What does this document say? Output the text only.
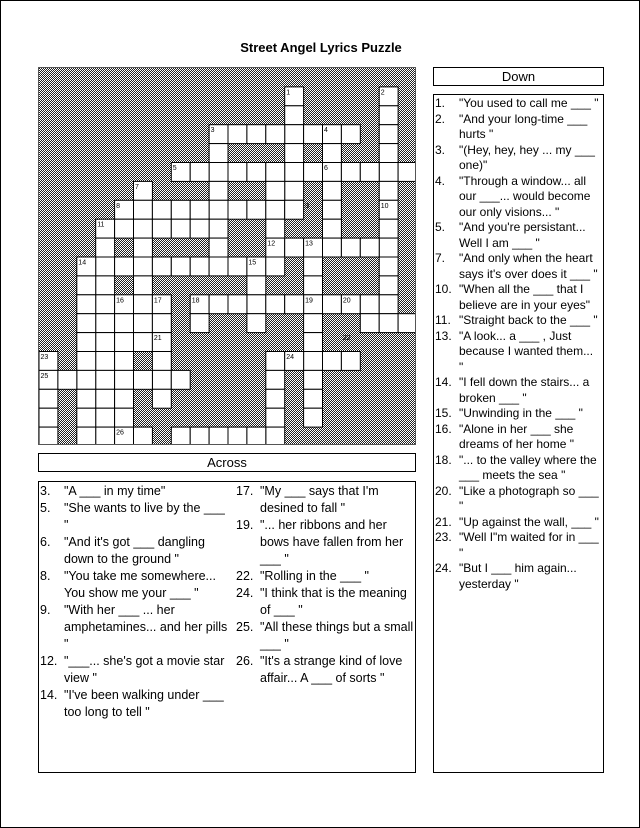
Street Angel Lyrics Puzzle
1	2
3	4
5	6
7
8	9	10
11
12	13
14	15
16	17	18	19	20
21	22
23	24
25
26
Across
3.	"A ___ in my time"
5.	"She wants to live by the ___ "
6.	"And it's got ___ dangling down to the ground "
8.	"You take me somewhere... You show me your ___ "
9.	"With her ___ ... her amphetamines... and her pills "
12. "___... she's got a movie star view "
14. "I've been walking under ___ too long to tell "
17. "My ___ says that I'm desined to fall "
19. "... her ribbons and her bows have fallen from her ___ "
22. "Rolling in the ___ "
24. "I think that is the meaning of ___ "
25. "All these things but a small ___ "
26. "It's a strange kind of love affair... A ___ of sorts "
Down
1.	"You used to call me ___ "
2.	"And your long-time ___ hurts "
3.	"(Hey, hey, hey ... my ___ one)"
4.	"Through a window... all our ___... would become our only visions... "
5.	"And you're persistant... Well I am ___ "
7.	"And only when the heart says it's over does it ___ "
10. "When all the ___ that I believe are in your eyes"
11. "Straight back to the ___ "
13. "A look... a ___ , Just because I wanted them... "
14. "I fell down the stairs... a broken ___ "
15. "Unwinding in the ___ "
16. "Alone in her ___ she dreams of her home "
18. "... to the valley where the ___ meets the sea "
20. "Like a photograph so ___ "
21. "Up against the wall, ___ "
23. "Well I"m waited for in ___ "
24. "But I ___ him again... yesterday "
